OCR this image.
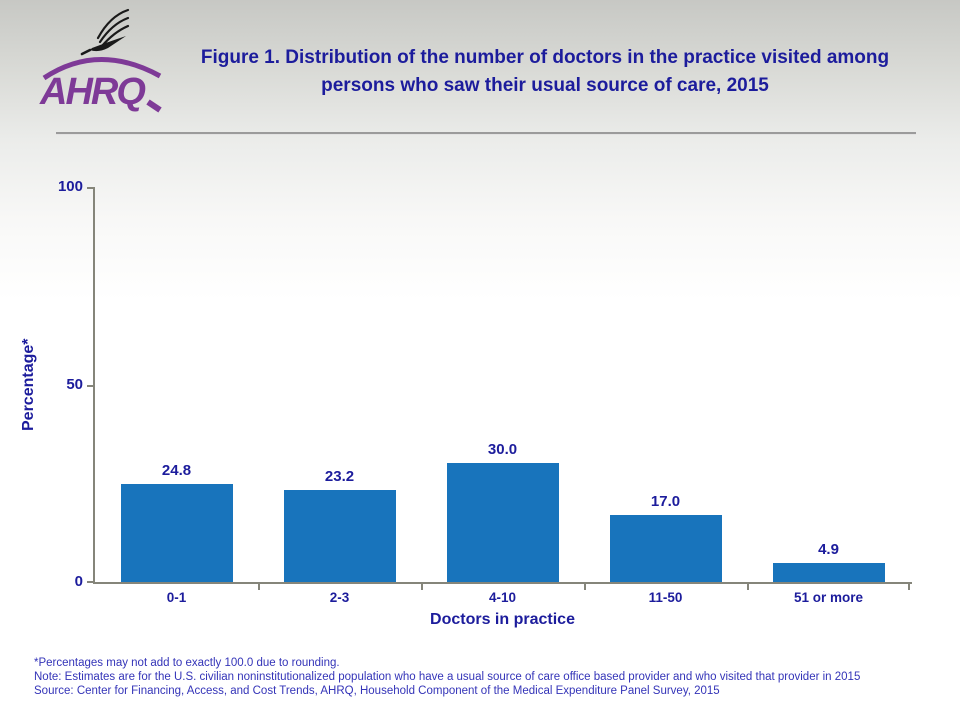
AHRQ
Figure 1. Distribution of the number of doctors in the practice visited among
persons who saw their usual source of care, 2015
Percentage*
0
50
100
24.8
0-1
23.2
2-3
30.0
4-10
17.0
11-50
4.9
51 or more
Doctors in practice
*Percentages may not add to exactly 100.0 due to rounding.
Note: Estimates are for the U.S. civilian noninstitutionalized population who have a usual source of care office based provider and who visited that provider in 2015
Source: Center for Financing, Access, and Cost Trends, AHRQ, Household Component of the Medical Expenditure Panel Survey, 2015
